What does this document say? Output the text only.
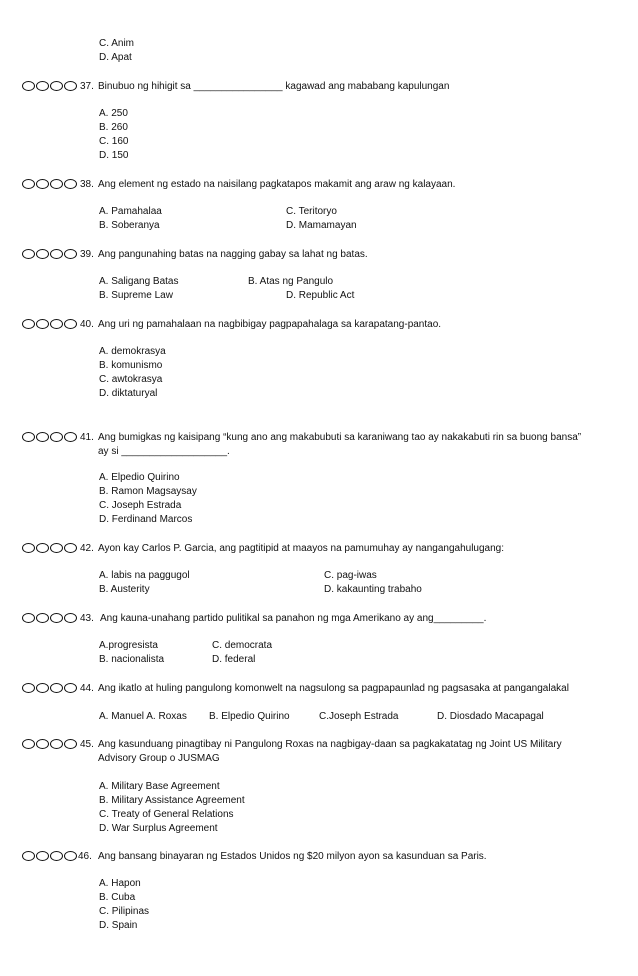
C. Anim
D. Apat
37. Binubuo ng hihigit sa ________________ kagawad ang mababang kapulungan
A. 250
B. 260
C. 160
D. 150
38. Ang element ng estado na naisilang pagkatapos makamit ang araw ng kalayaan.
A. Pamahalaa	C. Teritoryo
B. Soberanya	D. Mamamayan
39. Ang pangunahing batas na nagging gabay sa lahat ng batas.
A. Saligang Batas	B. Atas ng Pangulo
B. Supreme Law	D. Republic Act
40. Ang uri ng pamahalaan na nagbibigay pagpapahalaga sa karapatang-pantao.
A. demokrasya
B. komunismo
C. awtokrasya
D. diktaturyal
41. Ang bumigkas ng kaisipang “kung ano ang makabubuti sa karaniwang tao ay nakakabuti rin sa buong bansa”
ay si ___________________.
A. Elpedio Quirino
B. Ramon Magsaysay
C. Joseph Estrada
D. Ferdinand Marcos
42. Ayon kay Carlos P. Garcia, ang pagtitipid at maayos na pamumuhay ay nangangahulugang:
A. labis na paggugol	C. pag-iwas
B. Austerity	D. kakaunting trabaho
43. Ang kauna-unahang partido pulitikal sa panahon ng mga Amerikano ay ang_________.
A.progresista	C. democrata
B. nacionalista	D. federal
44. Ang ikatlo at huling pangulong komonwelt na nagsulong sa pagpapaunlad ng pagsasaka at pangangalakal
A. Manuel A. Roxas B. Elpedio Quirino	C.Joseph Estrada	D. Diosdado Macapagal
45. Ang kasunduang pinagtibay ni Pangulong Roxas na nagbigay-daan sa pagkakatatag ng Joint US Military
Advisory Group o JUSMAG
A. Military Base Agreement
B. Military Assistance Agreement
C. Treaty of General Relations
D. War Surplus Agreement
46. Ang bansang binayaran ng Estados Unidos ng $20 milyon ayon sa kasunduan sa Paris.
A. Hapon
B. Cuba
C. Pilipinas
D. Spain
